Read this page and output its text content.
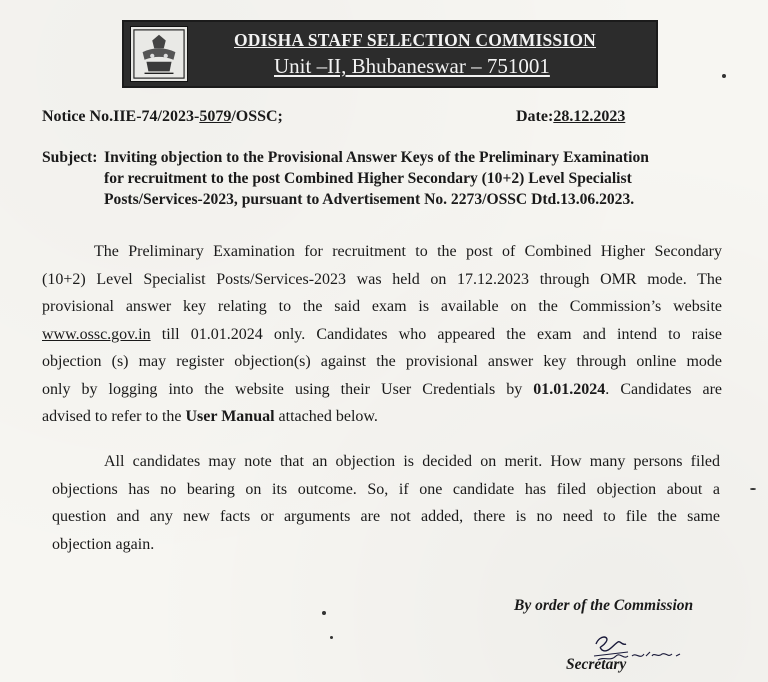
ODISHA STAFF SELECTION COMMISSION
Unit –II, Bhubaneswar – 751001
Notice No.IIE-74/2023-5079/OSSC;	Date:28.12.2023
Subject: Inviting objection to the Provisional Answer Keys of the Preliminary Examination
for recruitment to the post Combined Higher Secondary (10+2) Level Specialist
Posts/Services-2023, pursuant to Advertisement No. 2273/OSSC Dtd.13.06.2023.
The Preliminary Examination for recruitment to the post of Combined Higher Secondary
(10+2) Level Specialist Posts/Services-2023 was held on 17.12.2023 through OMR mode. The
provisional answer key relating to the said exam is available on the Commission’s website
www.ossc.gov.in till 01.01.2024 only. Candidates who appeared the exam and intend to raise
objection (s) may register objection(s) against the provisional answer key through online mode
only by logging into the website using their User Credentials by 01.01.2024. Candidates are
advised to refer to the User Manual attached below.
All candidates may note that an objection is decided on merit. How many persons filed
objections has no bearing on its outcome. So, if one candidate has filed objection about a
question and any new facts or arguments are not added, there is no need to file the same
objection again.
By order of the Commission
Secretary
